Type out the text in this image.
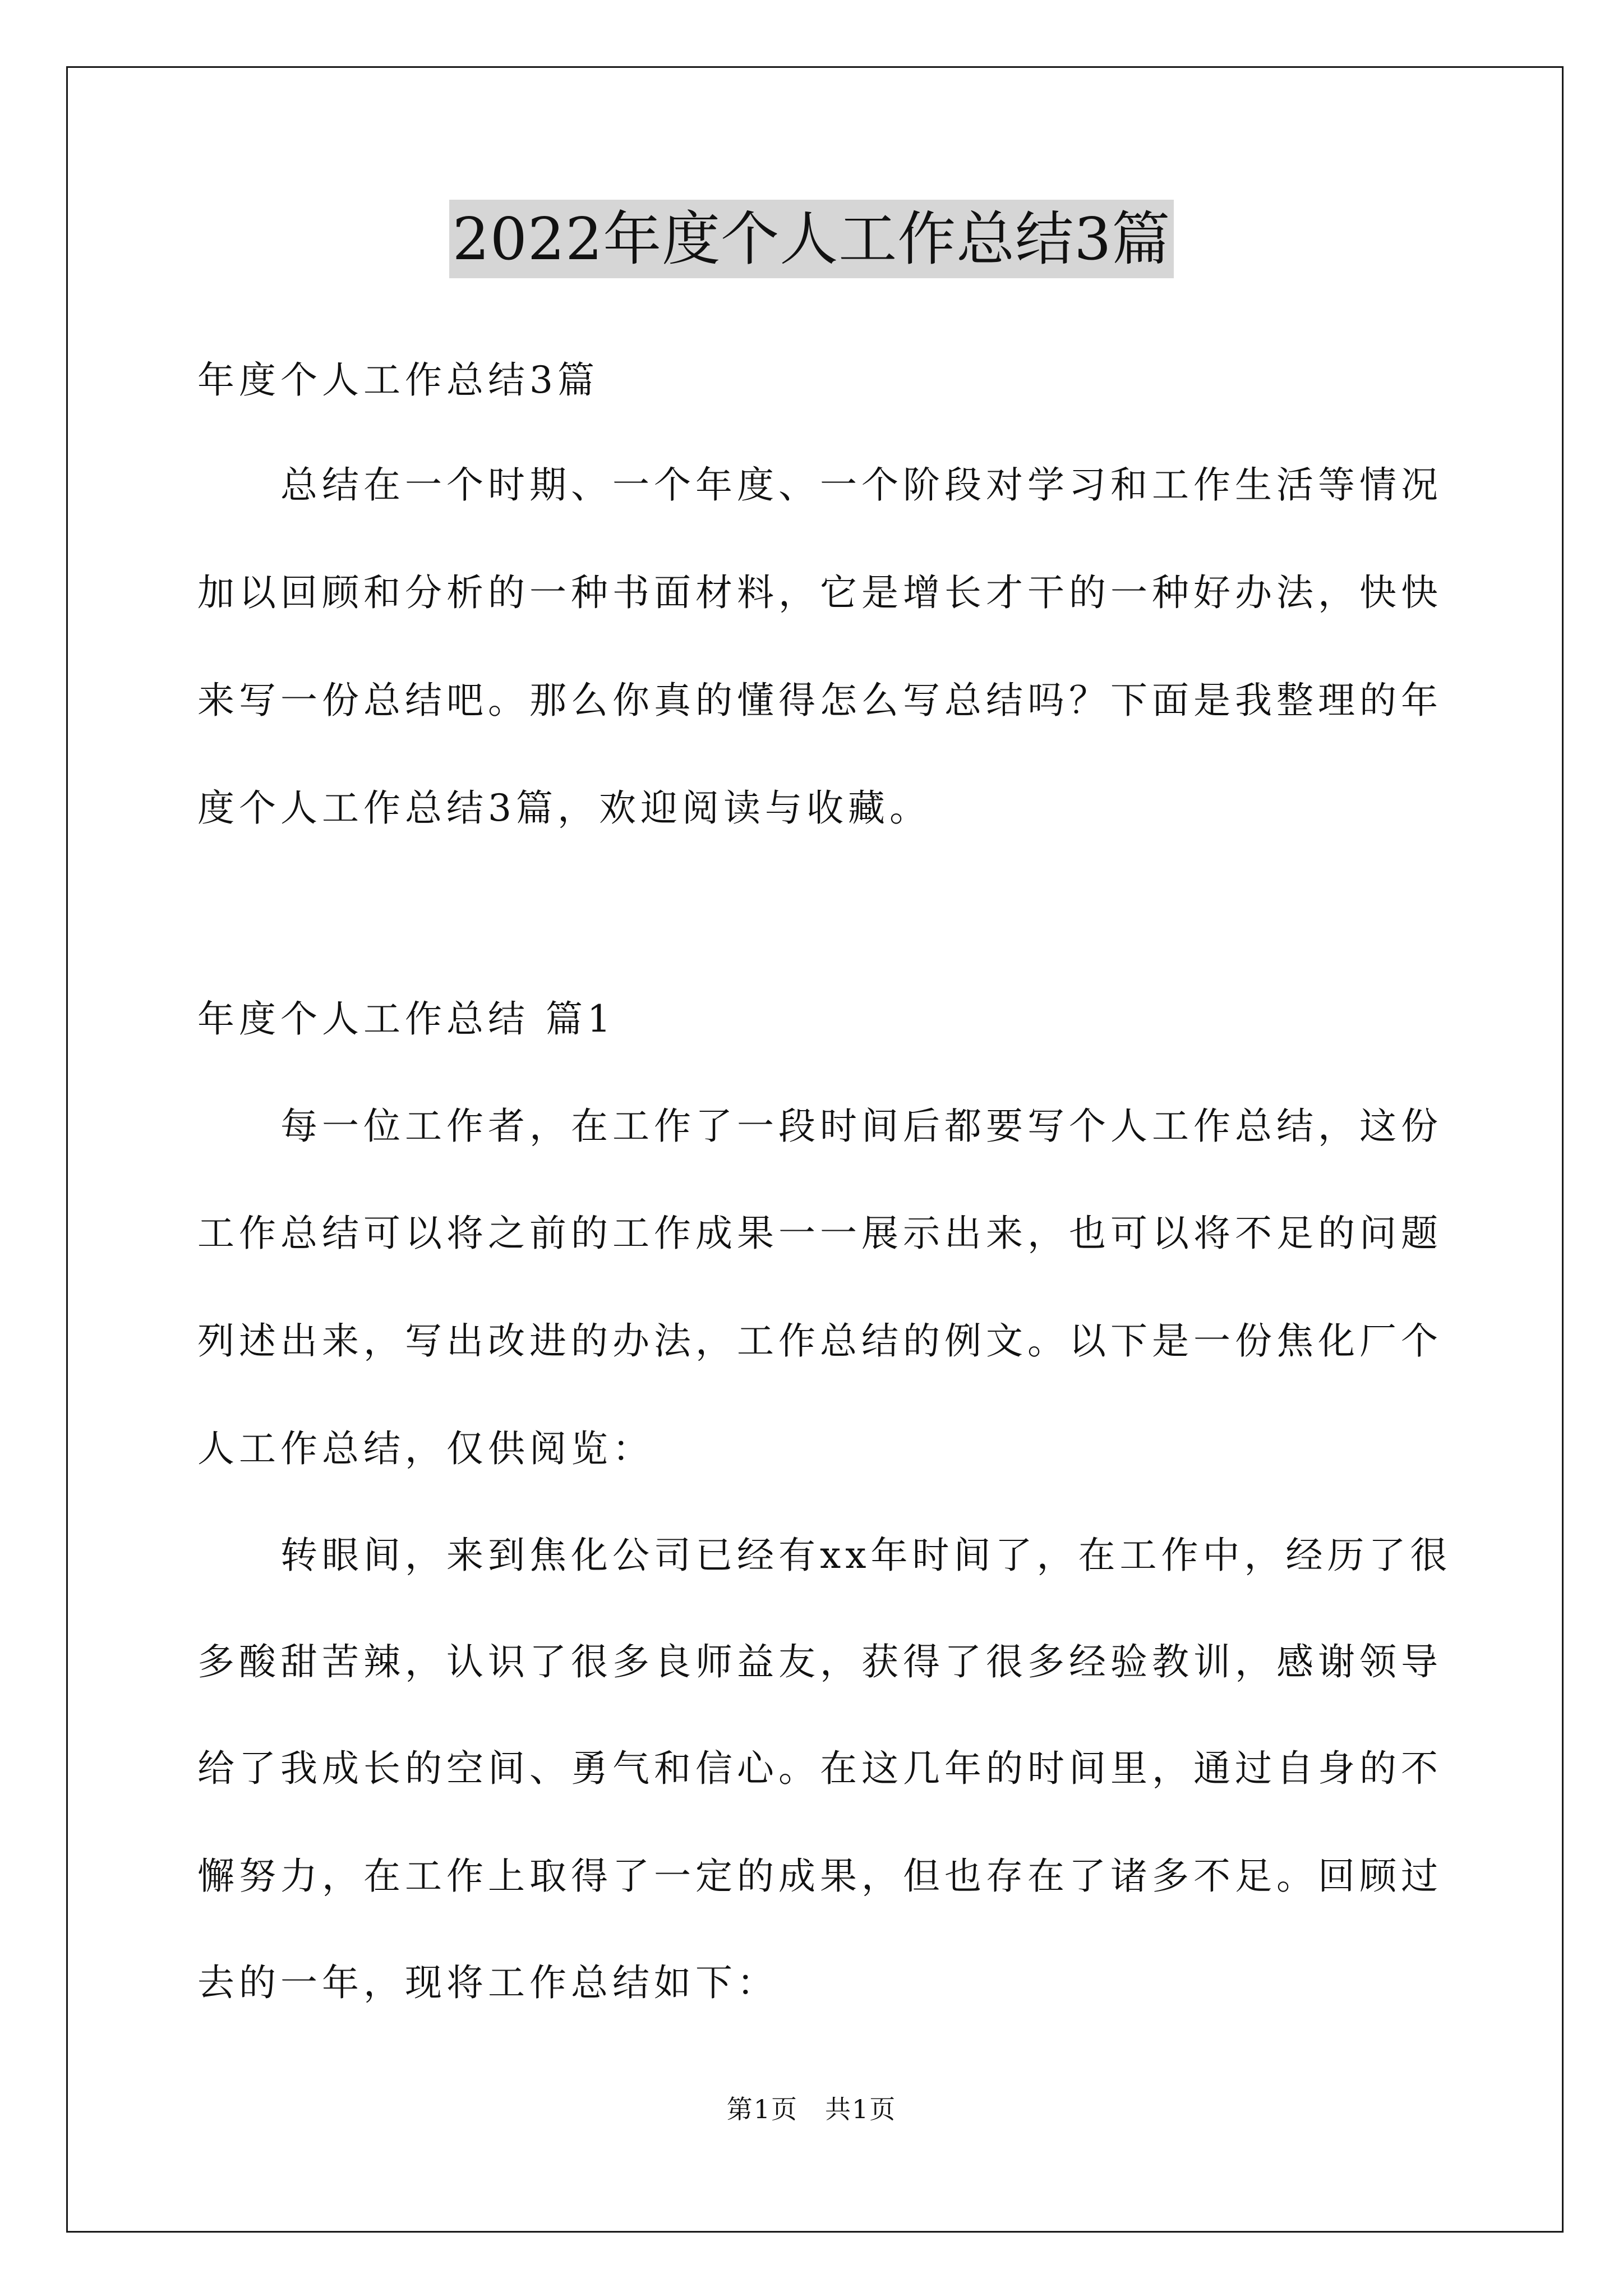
2022年度个人工作总结3篇
年度个人工作总结3篇
　　总结在一个时期、一个年度、一个阶段对学习和工作生活等情况
加以回顾和分析的一种书面材料，它是增长才干的一种好办法，快快
来写一份总结吧。那么你真的懂得怎么写总结吗？下面是我整理的年
度个人工作总结3篇，欢迎阅读与收藏。
年度个人工作总结 篇1
　　每一位工作者，在工作了一段时间后都要写个人工作总结，这份
工作总结可以将之前的工作成果一一展示出来，也可以将不足的问题
列述出来，写出改进的办法，工作总结的例文。以下是一份焦化厂个
人工作总结，仅供阅览：
　　转眼间，来到焦化公司已经有xx年时间了，在工作中，经历了很
多酸甜苦辣，认识了很多良师益友，获得了很多经验教训，感谢领导
给了我成长的空间、勇气和信心。在这几年的时间里，通过自身的不
懈努力，在工作上取得了一定的成果，但也存在了诸多不足。回顾过
去的一年，现将工作总结如下：
第1页　共1页
